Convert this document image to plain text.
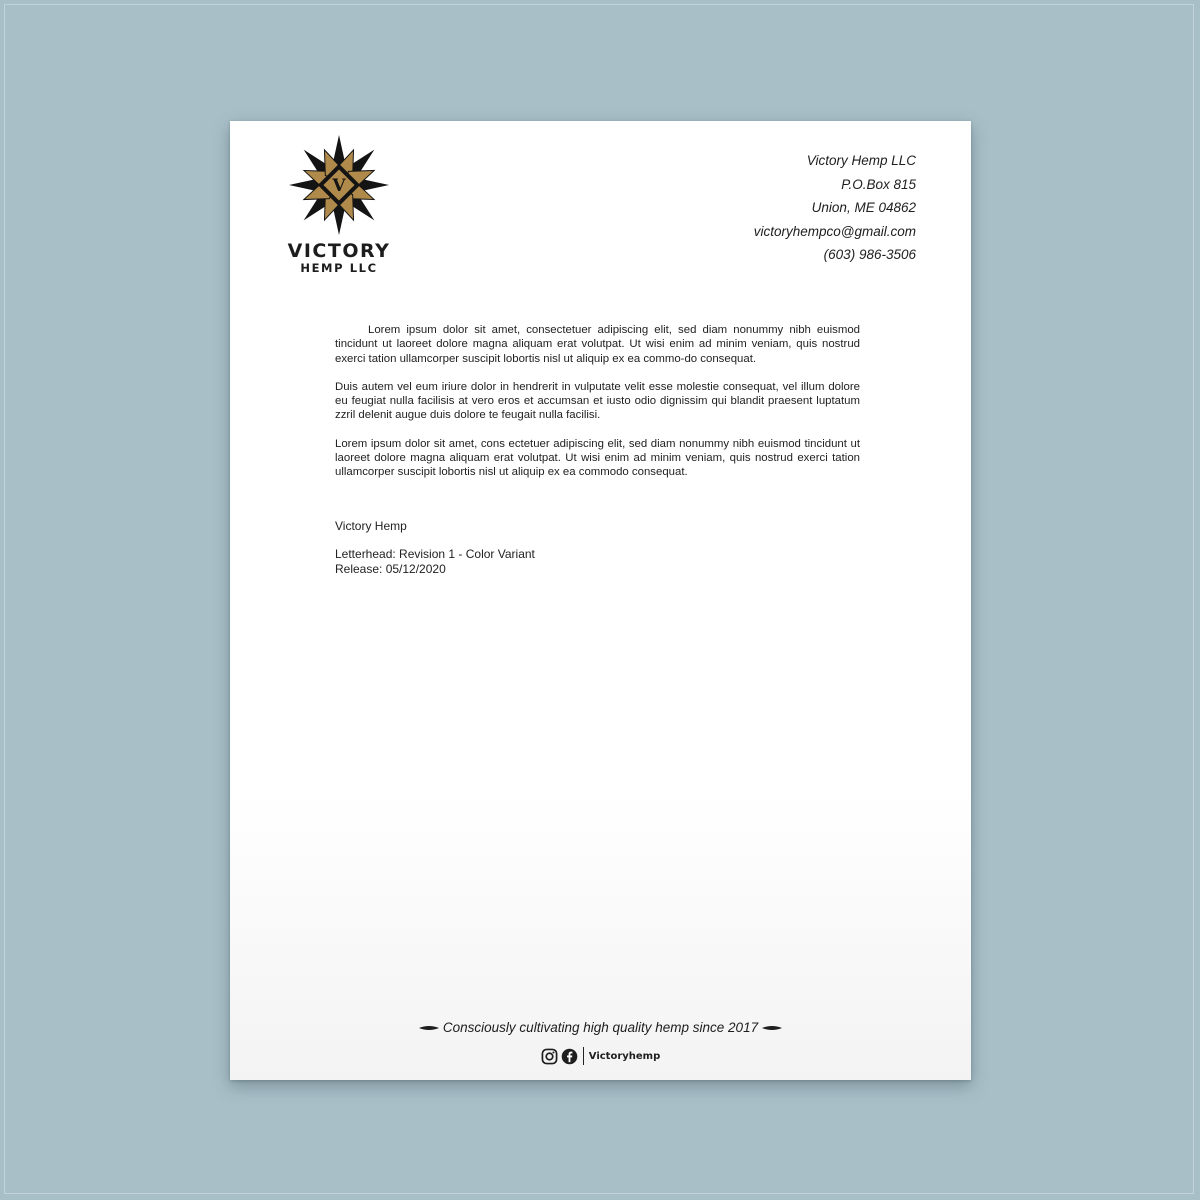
V
VICTORY
HEMP LLC
Victory Hemp LLC
P.O.Box 815
Union, ME 04862
victoryhempco@gmail.com
(603) 986-3506

Lorem ipsum dolor sit amet, consectetuer adipiscing elit, sed diam nonummy nibh euismod tincidunt ut laoreet dolore magna aliquam erat volutpat. Ut wisi enim ad minim veniam, quis nostrud exerci tation ullamcorper suscipit lobortis nisl ut aliquip ex ea commo-do consequat.

Duis autem vel eum iriure dolor in hendrerit in vulputate velit esse molestie consequat, vel illum dolore eu feugiat nulla facilisis at vero eros et accumsan et iusto odio dignissim qui blandit praesent luptatum zzril delenit augue duis dolore te feugait nulla facilisi.

Lorem ipsum dolor sit amet, cons ectetuer adipiscing elit, sed diam nonummy nibh euismod tincidunt ut laoreet dolore magna aliquam erat volutpat. Ut wisi enim ad minim veniam, quis nostrud exerci tation ullamcorper suscipit lobortis nisl ut aliquip ex ea commodo consequat.

Victory Hemp
Letterhead: Revision 1 - Color Variant
Release: 05/12/2020
Consciously cultivating high quality hemp since 2017
Victoryhemp
